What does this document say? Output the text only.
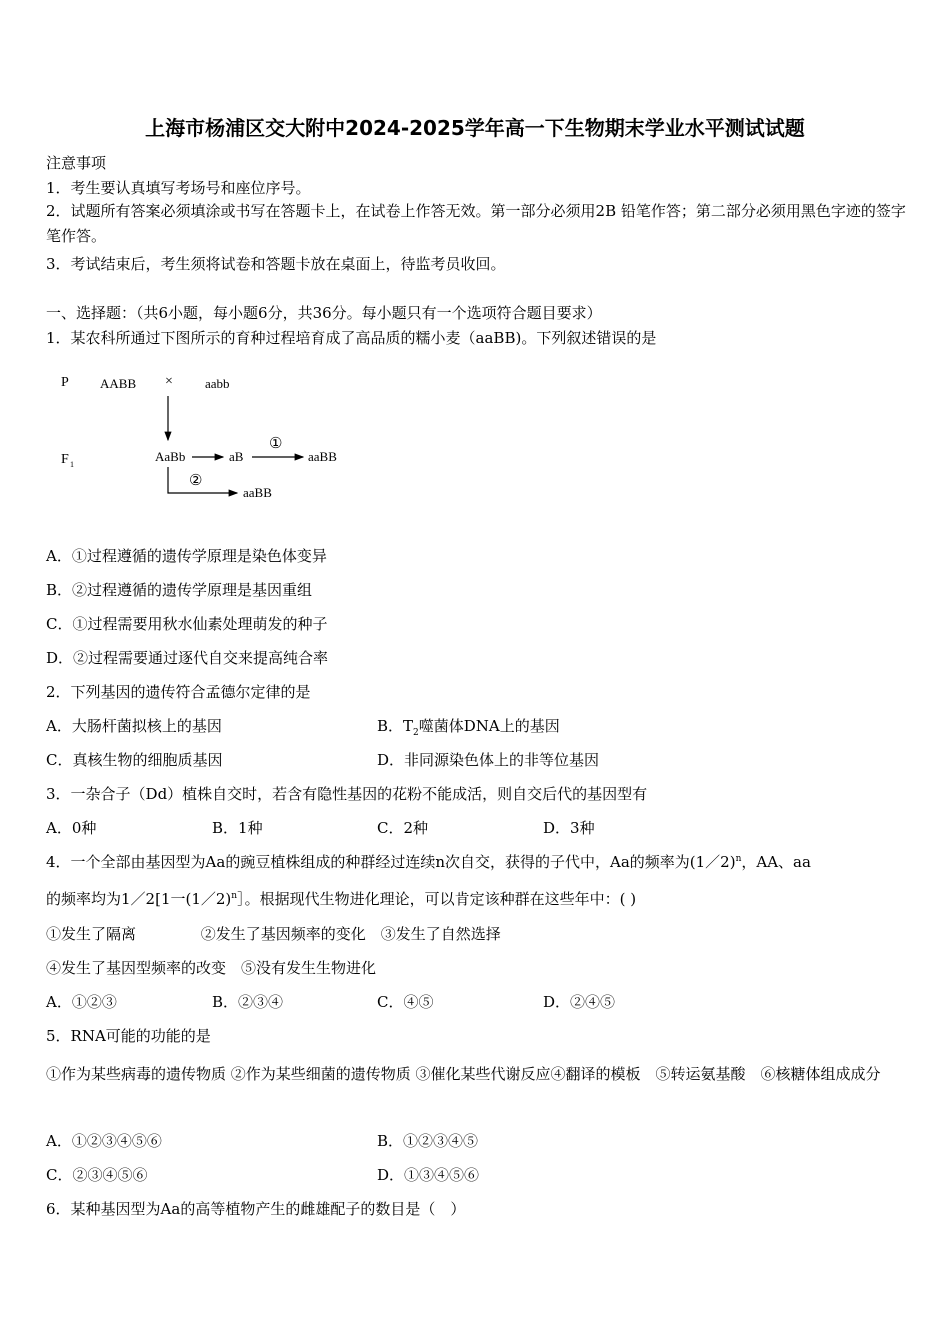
上海市杨浦区交大附中2024-2025学年高一下生物期末学业水平测试试题
注意事项
1．考生要认真填写考场号和座位序号。
2．试题所有答案必须填涂或书写在答题卡上，在试卷上作答无效。第一部分必须用2B 铅笔作答；第二部分必须用黑色字迹的签字笔作答。
3．考试结束后，考生须将试卷和答题卡放在桌面上，待监考员收回。
一、选择题：（共6小题，每小题6分，共36分。每小题只有一个选项符合题目要求）
1．某农科所通过下图所示的育种过程培育成了高品质的糯小麦（aaBB)。下列叙述错误的是
P AABB × aabb
F 1
AaBb	aB
①
aaBB
②
aaBB
A．①过程遵循的遗传学原理是染色体变异
B．②过程遵循的遗传学原理是基因重组
C．①过程需要用秋水仙素处理萌发的种子
D．②过程需要通过逐代自交来提高纯合率
2．下列基因的遗传符合孟德尔定律的是
A．大肠杆菌拟核上的基因	B．$T_2$噬菌体DNA上的基因
C．真核生物的细胞质基因	D．非同源染色体上的非等位基因
3．一杂合子（Dd）植株自交时，若含有隐性基因的花粉不能成活，则自交后代的基因型有
A．0种	B．1种	C．2种	D．3种
4．一个全部由基因型为Aa的豌豆植株组成的种群经过连续n次自交，获得的子代中，Aa的频率为(1／2)$^n$，AA、aa
的频率均为1／2[1一(1／2)$^n$］。根据现代生物进化理论，可以肯定该种群在这些年中：( )
①发生了隔离 　　　　②发生了基因频率的变化　③发生了自然选择
④发生了基因型频率的改变　⑤没有发生生物进化
A．①②③	B．②③④	C．④⑤	D．②④⑤
5．RNA可能的功能的是
①作为某些病毒的遗传物质 ②作为某些细菌的遗传物质 ③催化某些代谢反应④翻译的模板　⑤转运氨基酸　⑥核糖体组成成分
A．①②③④⑤⑥	B．①②③④⑤
C．②③④⑤⑥	D．①③④⑤⑥
6．某种基因型为Aa的高等植物产生的雌雄配子的数目是（　）
